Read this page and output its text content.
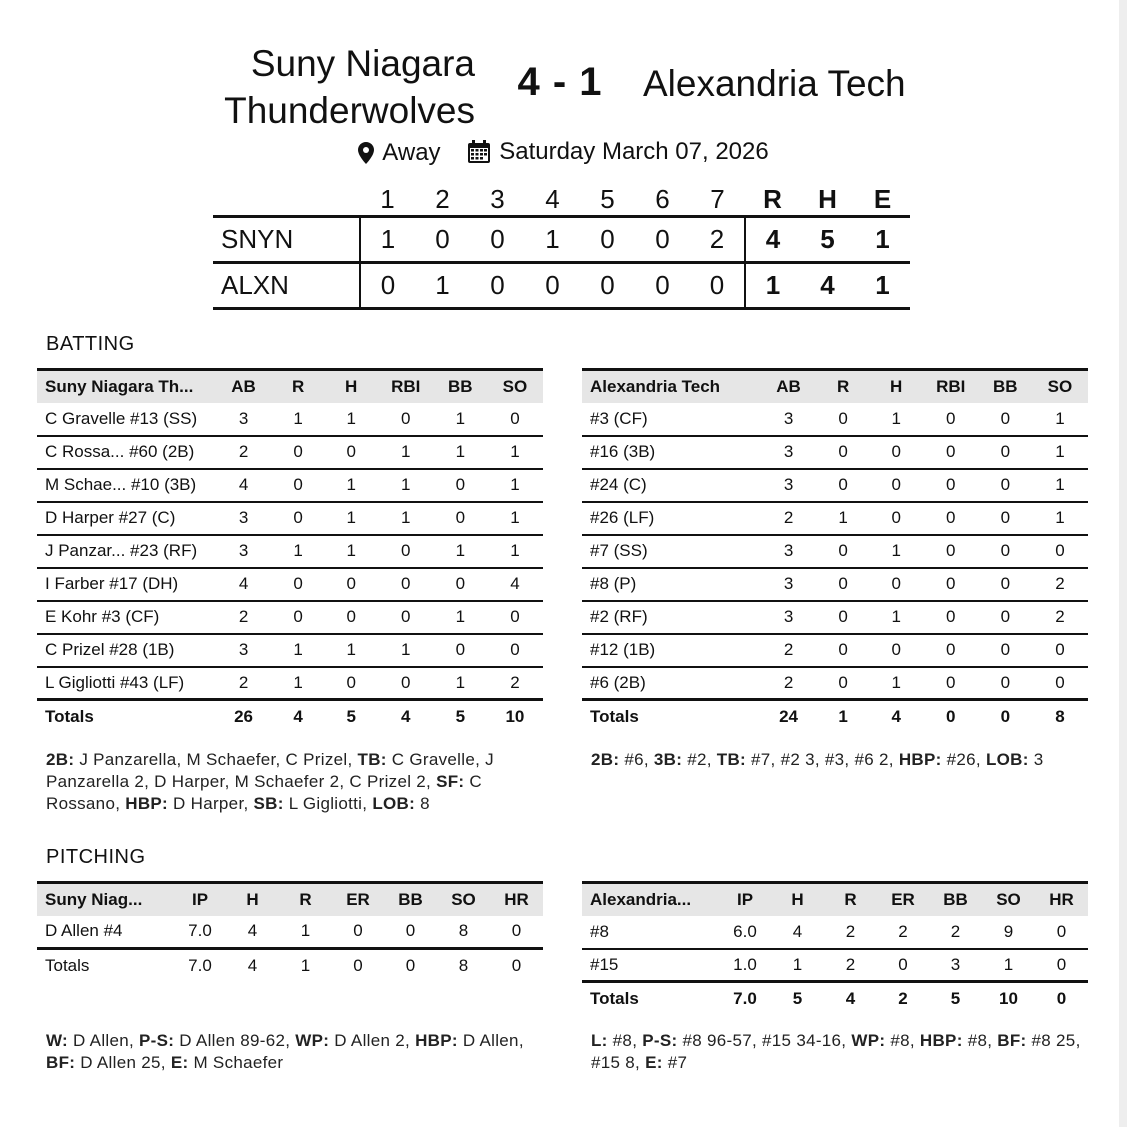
Suny Niagara
Thunderwolves
4 - 1	Alexandria Tech
Away
Saturday March 07, 2026
	1	2	3	4	5	6	7	R	H	E
SNYN	1	0	0	1	0	0	2	4	5	1
ALXN	0	1	0	0	0	0	0	1	4	1
BATTING
Suny Niagara Th...	AB	R	H	RBI	BB	SO
C Gravelle #13 (SS)	3	1	1	0	1	0
C Rossa... #60 (2B)	2	0	0	1	1	1
M Schae... #10 (3B)	4	0	1	1	0	1
D Harper #27 (C)	3	0	1	1	0	1
J Panzar... #23 (RF)	3	1	1	0	1	1
I Farber #17 (DH)	4	0	0	0	0	4
E Kohr #3 (CF)	2	0	0	0	1	0
C Prizel #28 (1B)	3	1	1	1	0	0
L Gigliotti #43 (LF)	2	1	0	0	1	2
Totals	26	4	5	4	5	10
Alexandria Tech	AB	R	H	RBI	BB	SO
#3 (CF)	3	0	1	0	0	1
#16 (3B)	3	0	0	0	0	1
#24 (C)	3	0	0	0	0	1
#26 (LF)	2	1	0	0	0	1
#7 (SS)	3	0	1	0	0	0
#8 (P)	3	0	0	0	0	2
#2 (RF)	3	0	1	0	0	2
#12 (1B)	2	0	0	0	0	0
#6 (2B)	2	0	1	0	0	0
Totals	24	1	4	0	0	8
2B: J Panzarella, M Schaefer, C Prizel, TB: C Gravelle, J Panzarella 2, D Harper, M Schaefer 2, C Prizel 2, SF: C Rossano, HBP: D Harper, SB: L Gigliotti, LOB: 8
2B: #6, 3B: #2, TB: #7, #2 3, #3, #6 2, HBP: #26, LOB: 3
PITCHING
Suny Niag...	IP	H	R	ER	BB	SO	HR
D Allen #4	7.0	4	1	0	0	8	0
Totals	7.0	4	1	0	0	8	0
Alexandria...	IP	H	R	ER	BB	SO	HR
#8	6.0	4	2	2	2	9	0
#15	1.0	1	2	0	3	1	0
Totals	7.0	5	4	2	5	10	0
W: D Allen, P-S: D Allen 89-62, WP: D Allen 2, HBP: D Allen, BF: D Allen 25, E: M Schaefer
L: #8, P-S: #8 96-57, #15 34-16, WP: #8, HBP: #8, BF: #8 25, #15 8, E: #7
